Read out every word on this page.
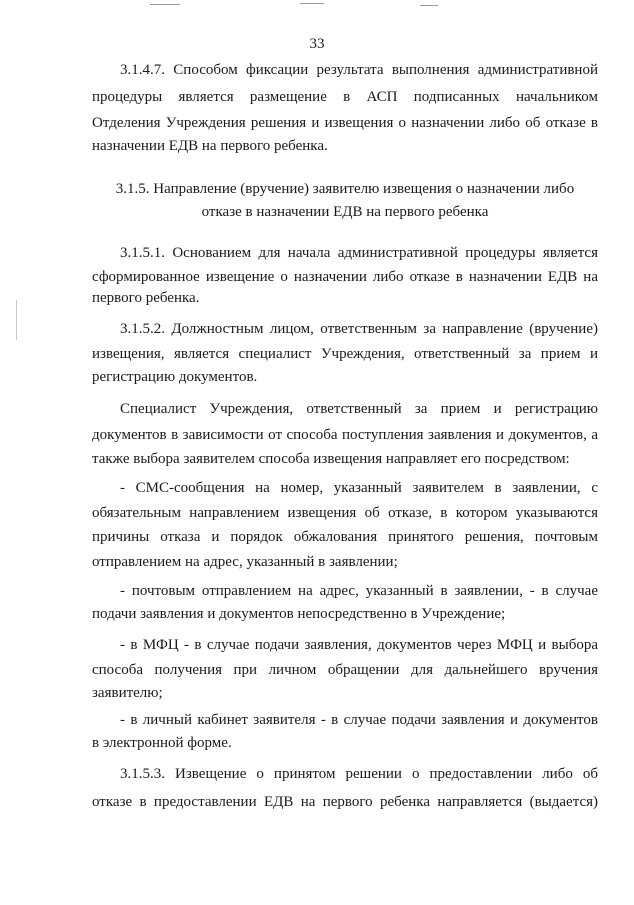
33
3.1.4.7. Способом фиксации результата выполнения административной
процедуры является размещение в АСП подписанных начальником
Отделения Учреждения решения и извещения о назначении либо об отказе в
назначении ЕДВ на первого ребенка.
3.1.5. Направление (вручение) заявителю извещения о назначении либо
отказе в назначении ЕДВ на первого ребенка
3.1.5.1. Основанием для начала административной процедуры является
сформированное извещение о назначении либо отказе в назначении ЕДВ на
первого ребенка.
3.1.5.2. Должностным лицом, ответственным за направление (вручение)
извещения, является специалист Учреждения, ответственный за прием и
регистрацию документов.
Специалист Учреждения, ответственный за прием и регистрацию
документов в зависимости от способа поступления заявления и документов, а
также выбора заявителем способа извещения направляет его посредством:
- СМС-сообщения на номер, указанный заявителем в заявлении, с
обязательным направлением извещения об отказе, в котором указываются
причины отказа и порядок обжалования принятого решения, почтовым
отправлением на адрес, указанный в заявлении;
- почтовым отправлением на адрес, указанный в заявлении, - в случае
подачи заявления и документов непосредственно в Учреждение;
- в МФЦ - в случае подачи заявления, документов через МФЦ и выбора
способа получения при личном обращении для дальнейшего вручения
заявителю;
- в личный кабинет заявителя - в случае подачи заявления и документов
в электронной форме.
3.1.5.3. Извещение о принятом решении о предоставлении либо об
отказе в предоставлении ЕДВ на первого ребенка направляется (выдается)
